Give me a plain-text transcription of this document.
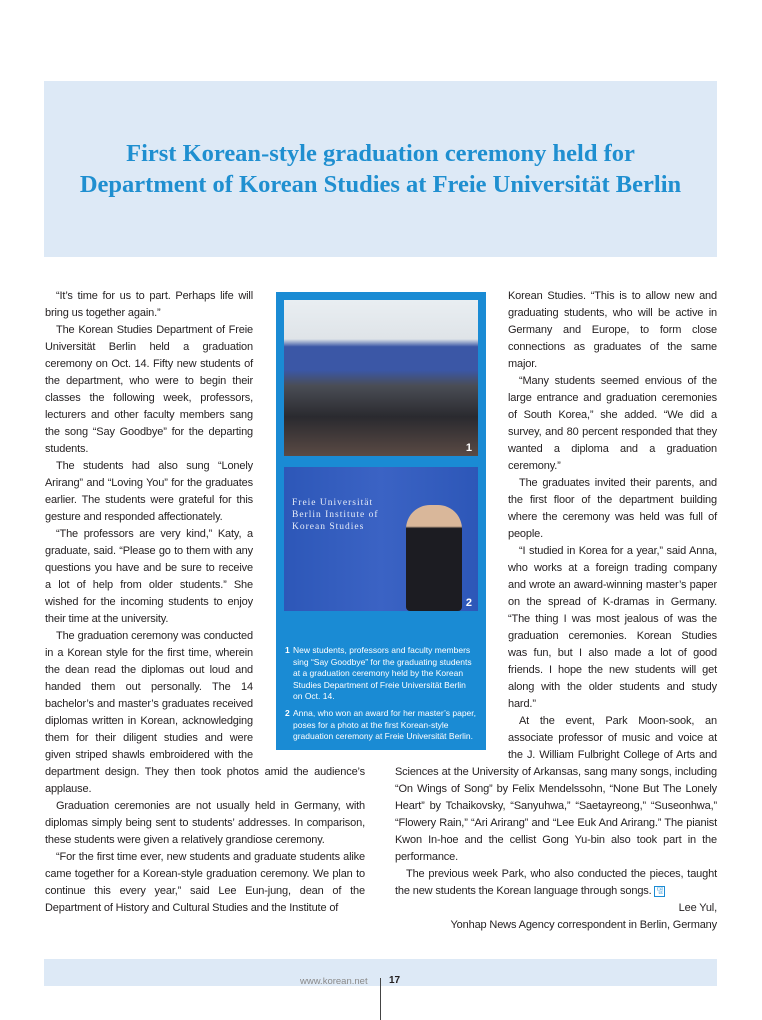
First Korean-style graduation ceremony held for Department of Korean Studies at Freie Universität Berlin

“It’s time for us to part. Perhaps life will bring us together again.”

The Korean Studies Department of Freie Universität Berlin held a graduation ceremony on Oct. 14. Fifty new students of the department, who were to begin their classes the following week, professors, lecturers and other faculty members sang the song “Say Goodbye” for the departing students.

The students had also sung “Lonely Arirang” and “Loving You” for the graduates earlier. The students were grateful for this gesture and responded affectionately.

“The professors are very kind,” Katy, a graduate, said. “Please go to them with any questions you have and be sure to receive a lot of help from older students.” She wished for the incoming students to enjoy their time at the university.

The graduation ceremony was conducted in a Korean style for the first time, wherein the dean read the diplomas out loud and handed them out personally. The 14 bachelor’s and master’s graduates received diplomas written in Korean, acknowledging them for their diligent studies and were given striped shawls embroidered with the department design. They then took photos amid the audience’s applause.

Graduation ceremonies are not usually held in Germany, with diplomas simply being sent to students’ addresses. In comparison, these students were given a relatively grandiose ceremony.

“For the first time ever, new students and graduate students alike came together for a Korean-style graduation ceremony. We plan to continue this every year,” said Lee Eun-jung, dean of the Department of History and Cultural Studies and the Institute of

Korean Studies. “This is to allow new and graduating students, who will be active in Germany and Europe, to form close connections as graduates of the same major.

“Many students seemed envious of the large entrance and graduation ceremonies of South Korea,” she added. “We did a survey, and 80 percent responded that they wanted a diploma and a graduation ceremony.”

The graduates invited their parents, and the first floor of the department building where the ceremony was held was full of people.

“I studied in Korea for a year,” said Anna, who works at a foreign trading company and wrote an award-winning master’s paper on the spread of K-dramas in Germany. “The thing I was most jealous of was the graduation ceremonies. Korean Studies was fun, but I also made a lot of good friends. I hope the new students will get along with the older students and study hard.”

At the event, Park Moon-sook, an associate professor of music and voice at the J. William Fulbright College of Arts and Sciences at the University of Arkansas, sang many songs, including “On Wings of Song” by Felix Mendelssohn, “None But The Lonely Heart” by Tchaikovsky, “Sanyuhwa,” “Saetayreong,” “Suseonhwa,” “Flowery Rain,” “Ari Arirang” and “Lee Euk And Arirang.” The pianist Kwon In-hoe and the cellist Gong Yu-bin also took part in the performance.

The previous week Park, who also conducted the pieces, taught the new students the Korean language through songs. 멀

Lee Yul,

Yonhap News Agency correspondent in Berlin, Germany

1
Freie Universität Berlin Institute of Korean Studies
2
1 New students, professors and faculty members sing “Say Goodbye” for the graduating students at a graduation ceremony held by the Korean Studies Department of Freie Universität Berlin on Oct. 14.
2 Anna, who won an award for her master’s paper, poses for a photo at the first Korean-style graduation ceremony at Freie Universität Berlin.
www.korean.net 17
